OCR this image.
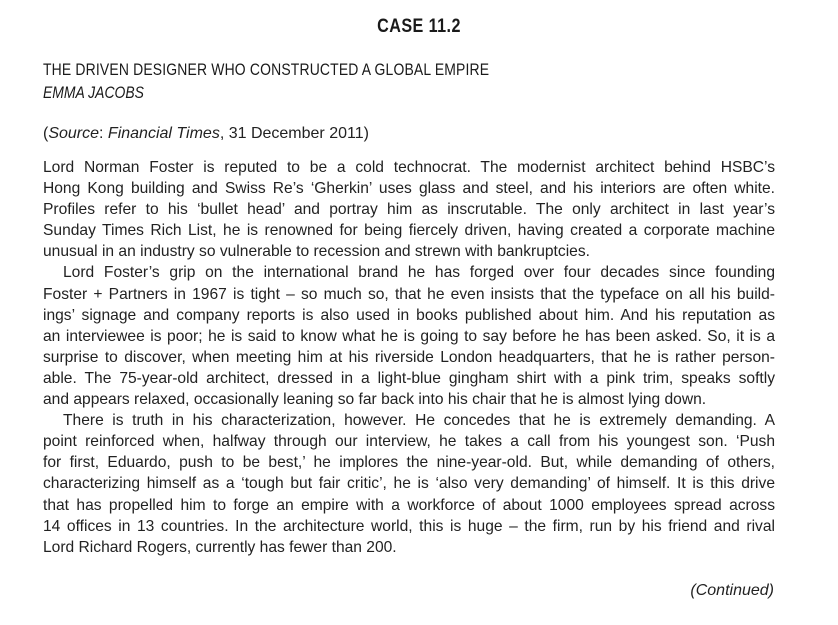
CASE 11.2
THE DRIVEN DESIGNER WHO CONSTRUCTED A GLOBAL EMPIRE
EMMA JACOBS
(Source: Financial Times, 31 December 2011)
Lord Norman Foster is reputed to be a cold technocrat. The modernist architect behind HSBC’s
Hong Kong building and Swiss Re’s ‘Gherkin’ uses glass and steel, and his interiors are often white.
Profiles refer to his ‘bullet head’ and portray him as inscrutable. The only architect in last year’s
Sunday Times Rich List, he is renowned for being fiercely driven, having created a corporate machine
unusual in an industry so vulnerable to recession and strewn with bankruptcies.
Lord Foster’s grip on the international brand he has forged over four decades since founding
Foster + Partners in 1967 is tight – so much so, that he even insists that the typeface on all his build-
ings’ signage and company reports is also used in books published about him. And his reputation as
an interviewee is poor; he is said to know what he is going to say before he has been asked. So, it is a
surprise to discover, when meeting him at his riverside London headquarters, that he is rather person-
able. The 75-year-old architect, dressed in a light-blue gingham shirt with a pink trim, speaks softly
and appears relaxed, occasionally leaning so far back into his chair that he is almost lying down.
There is truth in his characterization, however. He concedes that he is extremely demanding. A
point reinforced when, halfway through our interview, he takes a call from his youngest son. ‘Push
for first, Eduardo, push to be best,’ he implores the nine-year-old. But, while demanding of others,
characterizing himself as a ‘tough but fair critic’, he is ‘also very demanding’ of himself. It is this drive
that has propelled him to forge an empire with a workforce of about 1000 employees spread across
14 offices in 13 countries. In the architecture world, this is huge – the firm, run by his friend and rival
Lord Richard Rogers, currently has fewer than 200.
(Continued)
